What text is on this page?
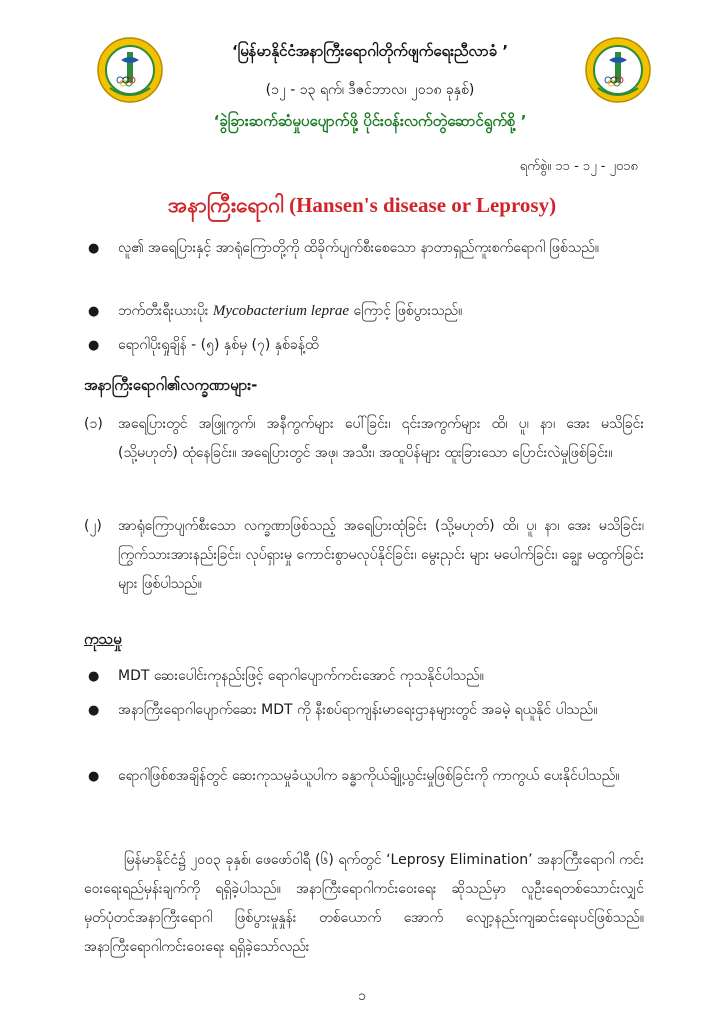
‘မြန်မာနိုင်ငံအနာကြီးရောဂါတိုက်ဖျက်ရေးညီလာခံ ’
(၁၂ - ၁၃ ရက်၊ ဒီဇင်ဘာလ၊ ၂၀၁၈ ခုနှစ်)
‘ခွဲခြားဆက်ဆံမှုပပျောက်ဖို့ ပိုင်းဝန်းလက်တွဲဆောင်ရွက်စို့ ’
ရက်စွဲ။ ၁၁ - ၁၂ - ၂၀၁၈
အနာကြီးရောဂါ (Hansen's disease or Leprosy)
● လူ၏ အရေပြားနှင့် အာရုံကြောတို့ကို ထိခိုက်ပျက်စီးစေသော နာတာရှည်ကူးစက်ရောဂါ ဖြစ်သည်။
● ဘက်တီးရီးယားပိုး Mycobacterium leprae ကြောင့် ဖြစ်ပွားသည်။
● ရောဂါပိုးရှုချိန် - (၅) နှစ်မှ (၇) နှစ်ခန့်ထိ
အနာကြီးရောဂါ၏လက္ခဏာများ-
(၁) အရေပြားတွင် အဖြူကွက်၊ အနီကွက်များ ပေါ်ခြင်း၊ ၎င်းအကွက်များ ထိ၊ ပူ၊ နာ၊ အေး မသိခြင်း (သို့မဟုတ်) ထုံနေခြင်း။ အရေပြားတွင် အဖု၊ အသီး၊ အထူပိန်များ ထူးခြားသော ပြောင်းလဲမှုဖြစ်ခြင်း။
(၂) အာရုံကြောပျက်စီးသော လက္ခဏာဖြစ်သည့် အရေပြားထုံခြင်း (သို့မဟုတ်) ထိ၊ ပူ၊ နာ၊ အေး မသိခြင်း၊ ကြွက်သားအားနည်းခြင်း၊ လုပ်ရှားမှု ကောင်းစွာမလုပ်နိုင်ခြင်း၊ မွေးညှင်း များ မပေါက်ခြင်း၊ ချွေး မထွက်ခြင်းများ ဖြစ်ပါသည်။
ကုသမှု
● MDT ဆေးပေါင်းကုနည်းဖြင့် ရောဂါပျောက်ကင်းအောင် ကုသနိုင်ပါသည်။
● အနာကြီးရောဂါပျောက်ဆေး MDT ကို နီးစပ်ရာကျန်းမာရေးဌာနများတွင် အခမဲ့ ရယူနိုင် ပါသည်။
● ရောဂါဖြစ်စအချိန်တွင် ဆေးကုသမှုခံယူပါက ခန္ဓာကိုယ်ချို့ယွင်းမှုဖြစ်ခြင်းကို ကာကွယ် ပေးနိုင်ပါသည်။
မြန်မာနိုင်ငံ၌ ၂၀၀၃ ခုနှစ်၊ ဖေဖော်ဝါရီ (၆) ရက်တွင် ‘Leprosy Elimination’ အနာကြီးရောဂါ ကင်းဝေးရေးရည်မှန်းချက်ကို ရရှိခဲ့ပါသည်။ အနာကြီးရောဂါကင်းဝေးရေး ဆိုသည်မှာ လူဦးရေတစ်သောင်းလျှင် မှတ်ပုံတင်အနာကြီးရောဂါ ဖြစ်ပွားမှုနှုန်း တစ်ယောက် အောက် လျော့နည်းကျဆင်းရေးပင်ဖြစ်သည်။ အနာကြီးရောဂါကင်းဝေးရေး ရရှိခဲ့သော်လည်း
၁
